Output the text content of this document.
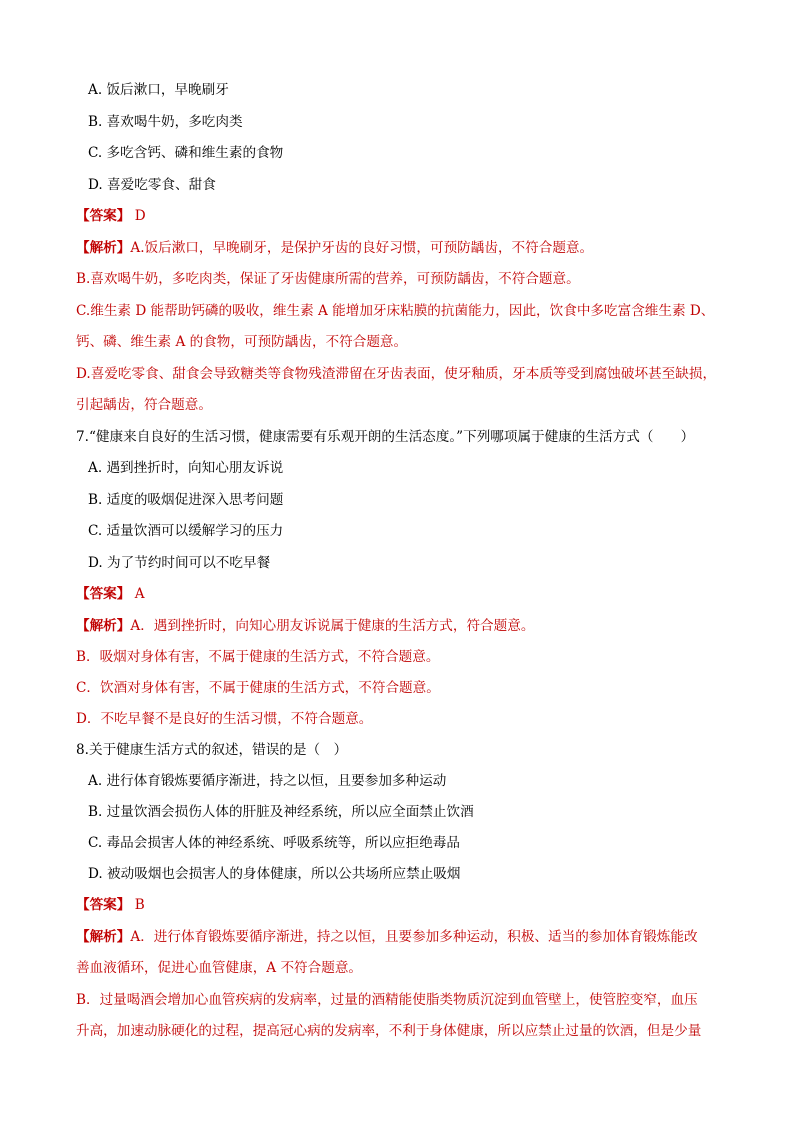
A. 饭后漱口，早晚刷牙
B. 喜欢喝牛奶，多吃肉类
C. 多吃含钙、磷和维生素的食物
D. 喜爱吃零食、甜食
【答案】 D
【解析】A.饭后漱口，早晚刷牙，是保护牙齿的良好习惯，可预防龋齿，不符合题意。
B.喜欢喝牛奶，多吃肉类，保证了牙齿健康所需的营养，可预防龋齿，不符合题意。
C.维生素 D 能帮助钙磷的吸收，维生素 A 能增加牙床粘膜的抗菌能力，因此，饮食中多吃富含维生素 D、
钙、磷、维生素 A 的食物，可预防龋齿，不符合题意。
D.喜爱吃零食、甜食会导致糖类等食物残渣滞留在牙齿表面，使牙釉质，牙本质等受到腐蚀破坏甚至缺损，
引起龋齿，符合题意。
7.“健康来自良好的生活习惯，健康需要有乐观开朗的生活态度。”下列哪项属于健康的生活方式（　　）
A. 遇到挫折时，向知心朋友诉说
B. 适度的吸烟促进深入思考问题
C. 适量饮酒可以缓解学习的压力
D. 为了节约时间可以不吃早餐
【答案】 A
【解析】A．遇到挫折时，向知心朋友诉说属于健康的生活方式，符合题意。
B．吸烟对身体有害，不属于健康的生活方式，不符合题意。
C．饮酒对身体有害，不属于健康的生活方式，不符合题意。
D．不吃早餐不是良好的生活习惯，不符合题意。
8.关于健康生活方式的叙述，错误的是（　）
A. 进行体育锻炼要循序渐进，持之以恒，且要参加多种运动
B. 过量饮酒会损伤人体的肝脏及神经系统，所以应全面禁止饮酒
C. 毒品会损害人体的神经系统、呼吸系统等，所以应拒绝毒品
D. 被动吸烟也会损害人的身体健康，所以公共场所应禁止吸烟
【答案】 B
【解析】A．进行体育锻炼要循序渐进，持之以恒，且要参加多种运动，积极、适当的参加体育锻炼能改
善血液循环，促进心血管健康，A 不符合题意。
B．过量喝酒会增加心血管疾病的发病率，过量的酒精能使脂类物质沉淀到血管壁上，使管腔变窄，血压
升高，加速动脉硬化的过程，提高冠心病的发病率，不利于身体健康，所以应禁止过量的饮酒，但是少量
